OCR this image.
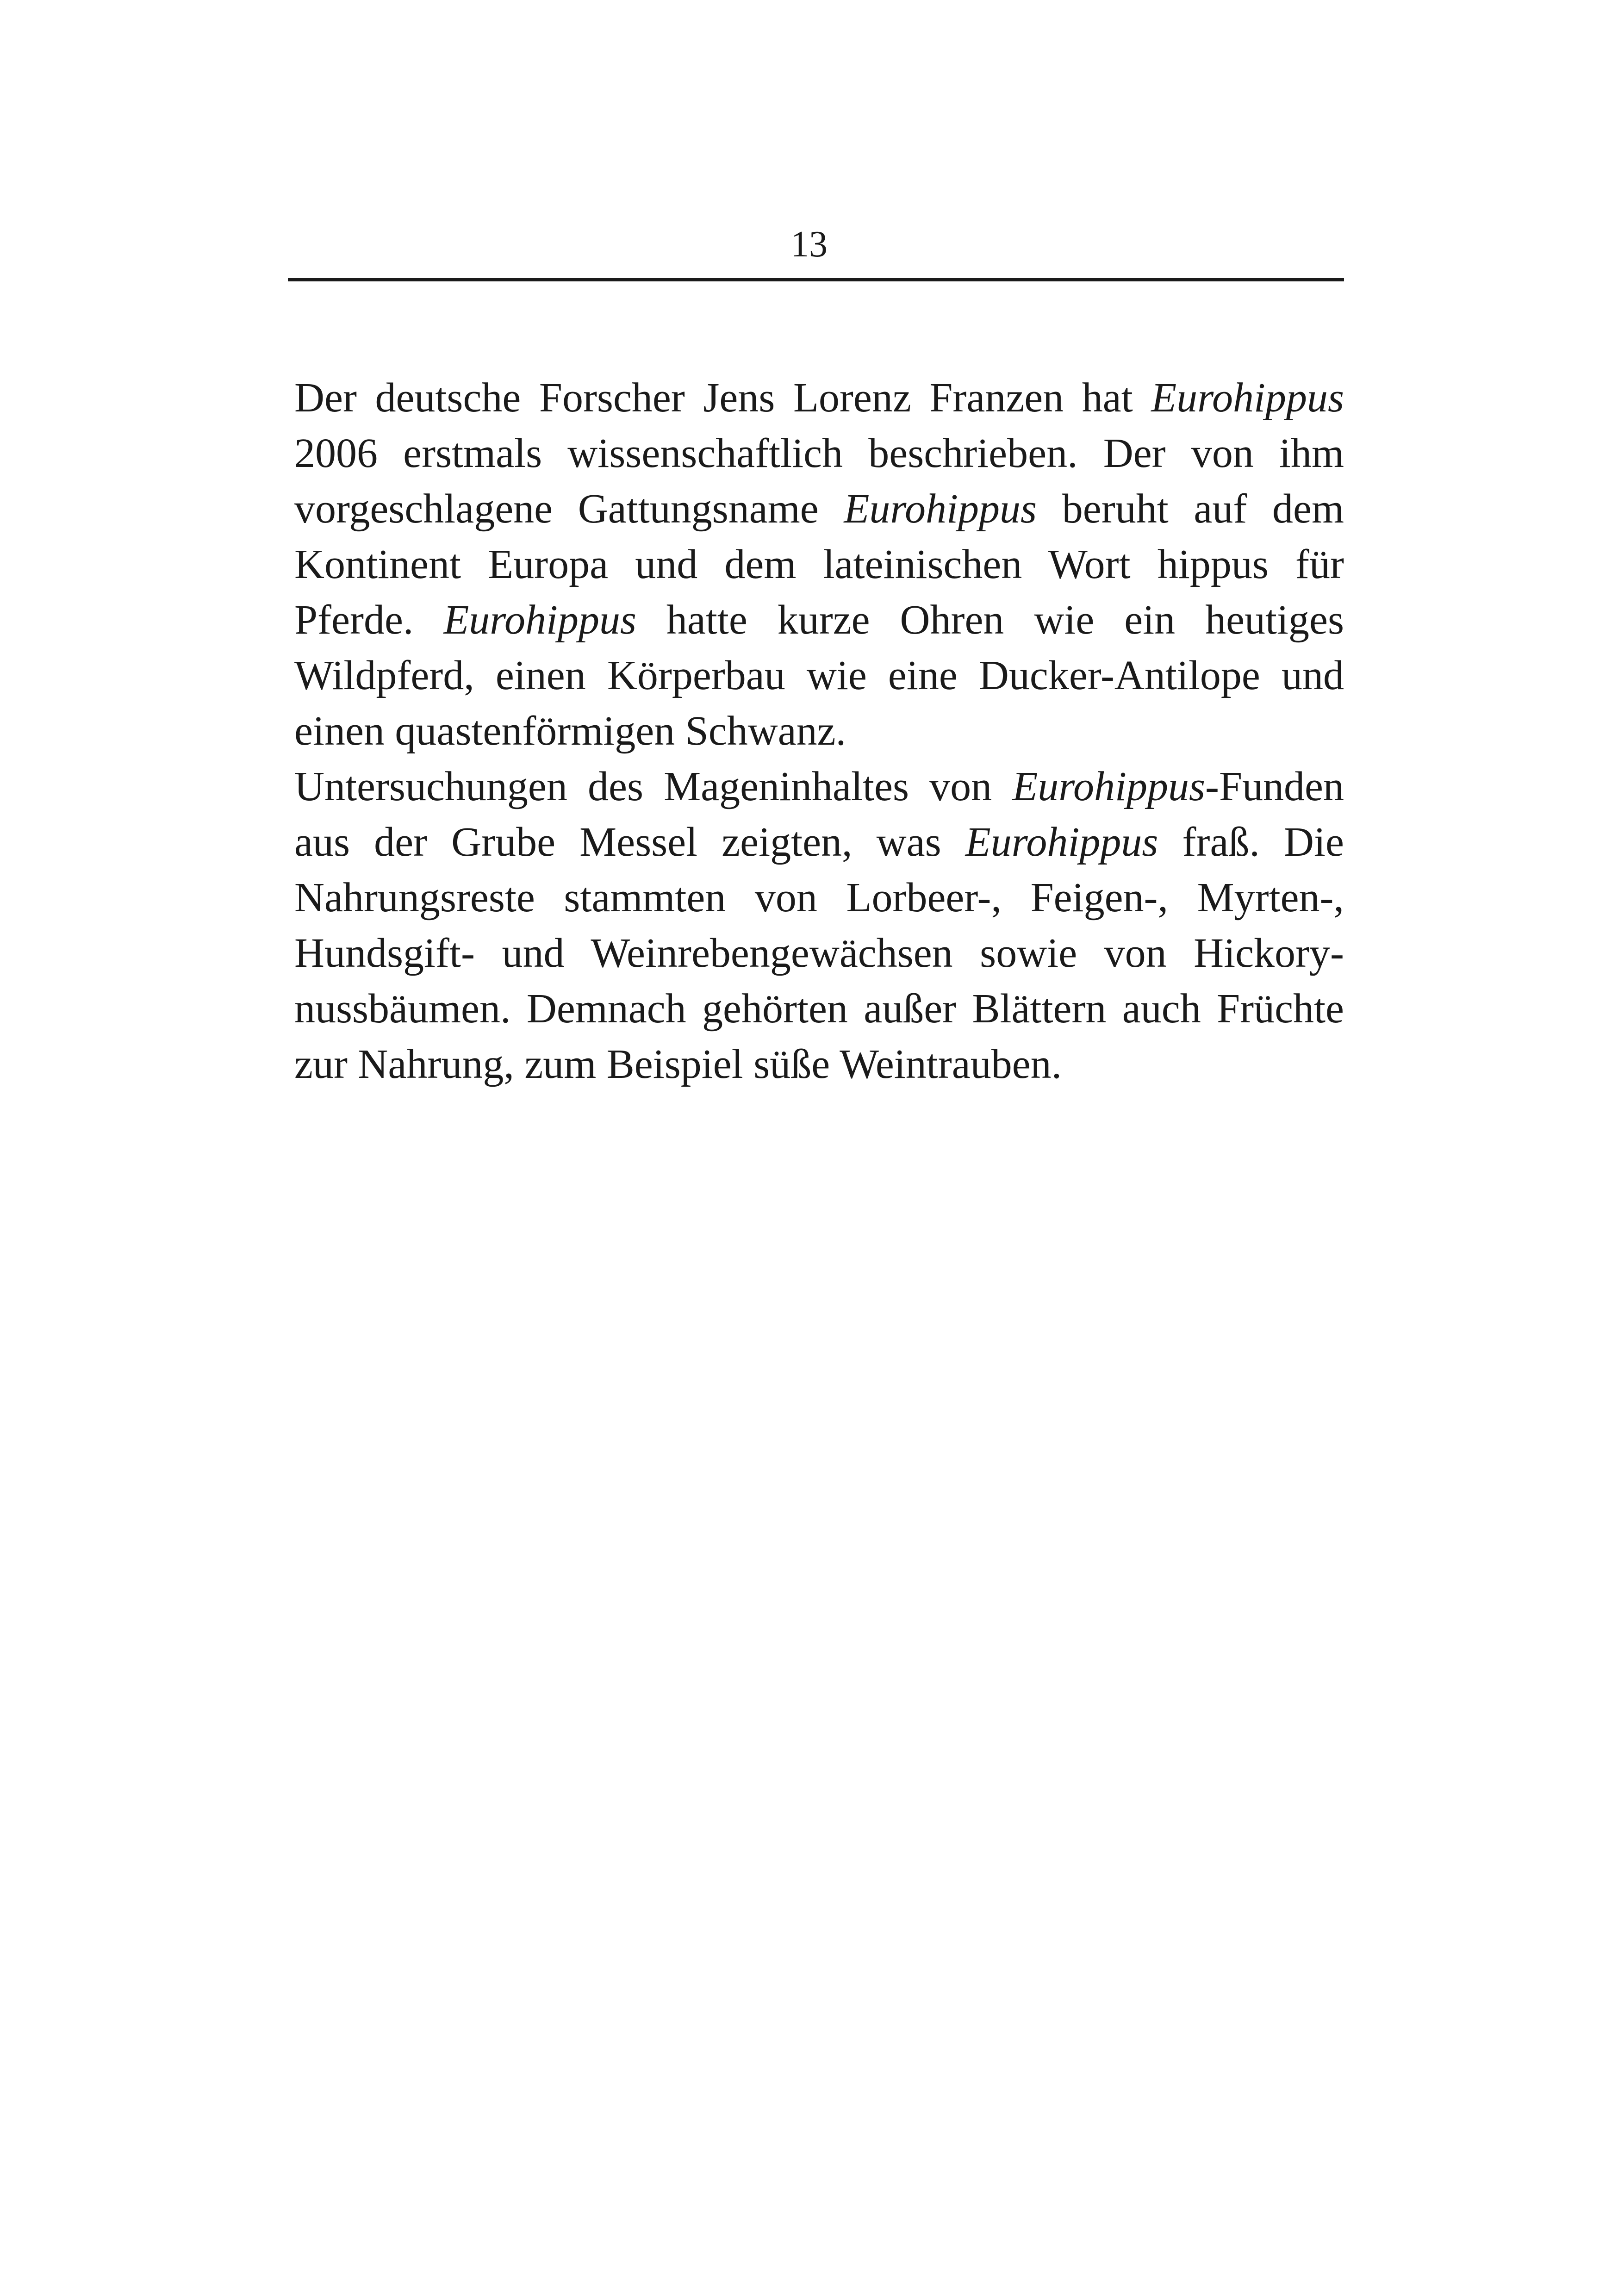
13
Der deutsche Forscher Jens Lorenz Franzen hat Eurohippus
2006 erstmals wissenschaftlich beschrieben. Der von ihm
vorgeschlagene Gattungsname Eurohippus beruht auf dem
Kontinent Europa und dem lateinischen Wort hippus für
Pferde. Eurohippus hatte kurze Ohren wie ein heutiges
Wildpferd, einen Körperbau wie eine Ducker-Antilope und
einen quastenförmigen Schwanz.
Untersuchungen des Mageninhaltes von Eurohippus-Funden
aus der Grube Messel zeigten, was Eurohippus fraß. Die
Nahrungsreste stammten von Lorbeer-, Feigen-, Myrten-,
Hundsgift- und Weinrebengewächsen sowie von Hickory-
nussbäumen. Demnach gehörten außer Blättern auch Früchte
zur Nahrung, zum Beispiel süße Weintrauben.
